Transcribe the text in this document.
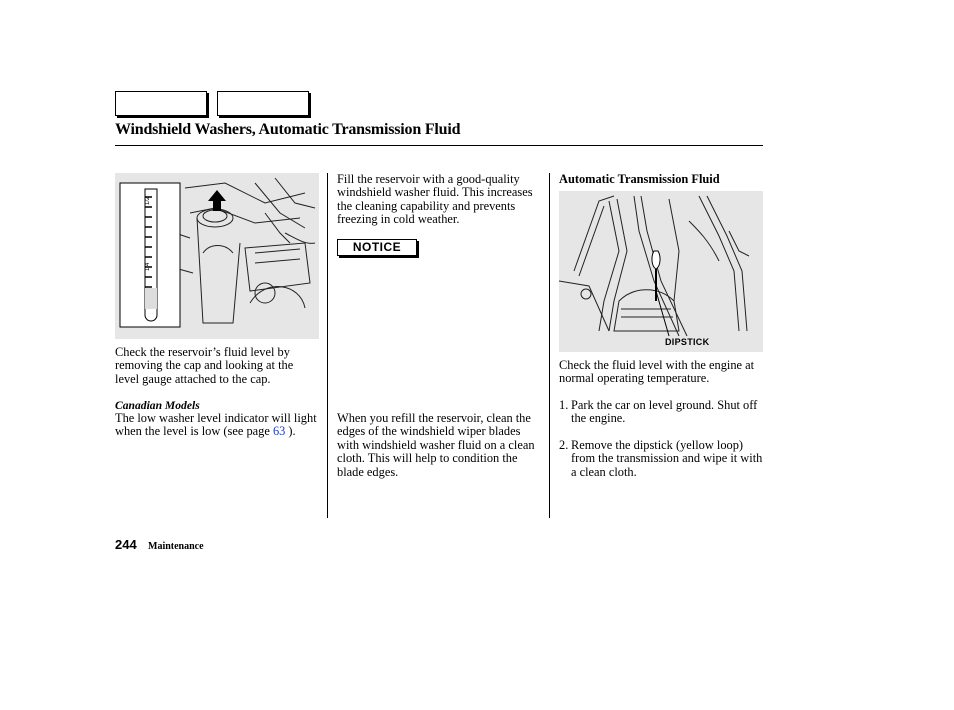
Windshield Washers, Automatic Transmission Fluid
1/2
1/4
Check the reservoir’s fluid level by removing the cap and looking at the level gauge attached to the cap.
Canadian Models
The low washer level indicator will light when the level is low (see page 63 ).
Fill the reservoir with a good-quality windshield washer fluid. This increases the cleaning capability and prevents freezing in cold weather.
NOTICE
When you refill the reservoir, clean the edges of the windshield wiper blades with windshield washer fluid on a clean cloth. This will help to condition the blade edges.
Automatic Transmission Fluid
DIPSTICK
Check the fluid level with the engine at normal operating temperature.
1. Park the car on level ground. Shut off the engine.
2. Remove the dipstick (yellow loop) from the transmission and wipe it with a clean cloth.
244 Maintenance
